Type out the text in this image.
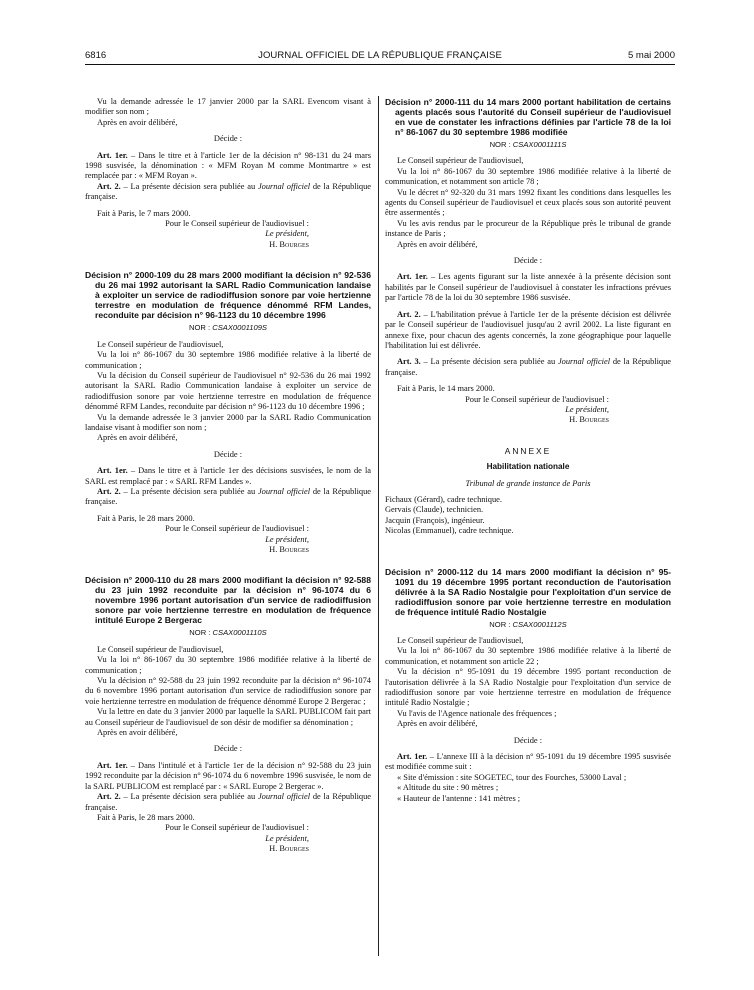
6816	JOURNAL OFFICIEL DE LA RÉPUBLIQUE FRANÇAISE	5 mai 2000

Vu la demande adressée le 17 janvier 2000 par la SARL Evencom visant à modifier son nom ;

Après en avoir délibéré,

Décide :

Art. 1er. – Dans le titre et à l'article 1er de la décision n° 98-131 du 24 mars 1998 susvisée, la dénomination : « MFM Royan M comme Montmartre » est remplacée par : « MFM Royan ».

Art. 2. – La présente décision sera publiée au Journal officiel de la République française.

Fait à Paris, le 7 mars 2000.

Pour le Conseil supérieur de l'audiovisuel :

Le président,

H. Bourges

Décision n° 2000-109 du 28 mars 2000 modifiant la décision n° 92-536 du 26 mai 1992 autorisant la SARL Radio Communication landaise à exploiter un service de radiodiffusion sonore par voie hertzienne terrestre en modulation de fréquence dénommé RFM Landes, reconduite par décision n° 96-1123 du 10 décembre 1996

NOR : CSAX0001109S

Le Conseil supérieur de l'audiovisuel,

Vu la loi n° 86-1067 du 30 septembre 1986 modifiée relative à la liberté de communication ;

Vu la décision du Conseil supérieur de l'audiovisuel n° 92-536 du 26 mai 1992 autorisant la SARL Radio Communication landaise à exploiter un service de radiodiffusion sonore par voie hertzienne terrestre en modulation de fréquence dénommé RFM Landes, reconduite par décision n° 96-1123 du 10 décembre 1996 ;

Vu la demande adressée le 3 janvier 2000 par la SARL Radio Communication landaise visant à modifier son nom ;

Après en avoir délibéré,

Décide :

Art. 1er. – Dans le titre et à l'article 1er des décisions susvisées, le nom de la SARL est remplacé par : « SARL RFM Landes ».

Art. 2. – La présente décision sera publiée au Journal officiel de la République française.

Fait à Paris, le 28 mars 2000.

Pour le Conseil supérieur de l'audiovisuel :

Le président,

H. Bourges

Décision n° 2000-110 du 28 mars 2000 modifiant la décision n° 92-588 du 23 juin 1992 reconduite par la décision n° 96-1074 du 6 novembre 1996 portant autorisation d'un service de radiodiffusion sonore par voie hertzienne terrestre en modulation de fréquence intitulé Europe 2 Bergerac

NOR : CSAX0001110S

Le Conseil supérieur de l'audiovisuel,

Vu la loi n° 86-1067 du 30 septembre 1986 modifiée relative à la liberté de communication ;

Vu la décision n° 92-588 du 23 juin 1992 reconduite par la décision n° 96-1074 du 6 novembre 1996 portant autorisation d'un service de radiodiffusion sonore par voie hertzienne terrestre en modulation de fréquence dénommé Europe 2 Bergerac ;

Vu la lettre en date du 3 janvier 2000 par laquelle la SARL PUBLICOM fait part au Conseil supérieur de l'audiovisuel de son désir de modifier sa dénomination ;

Après en avoir délibéré,

Décide :

Art. 1er. – Dans l'intitulé et à l'article 1er de la décision n° 92-588 du 23 juin 1992 reconduite par la décision n° 96-1074 du 6 novembre 1996 susvisée, le nom de la SARL PUBLICOM est remplacé par : « SARL Europe 2 Bergerac ».

Art. 2. – La présente décision sera publiée au Journal officiel de la République française.

Fait à Paris, le 28 mars 2000.

Pour le Conseil supérieur de l'audiovisuel :

Le président,

H. Bourges

Décision n° 2000-111 du 14 mars 2000 portant habilitation de certains agents placés sous l'autorité du Conseil supérieur de l'audiovisuel en vue de constater les infractions définies par l'article 78 de la loi n° 86-1067 du 30 septembre 1986 modifiée

NOR : CSAX0001111S

Le Conseil supérieur de l'audiovisuel,

Vu la loi n° 86-1067 du 30 septembre 1986 modifiée relative à la liberté de communication, et notamment son article 78 ;

Vu le décret n° 92-320 du 31 mars 1992 fixant les conditions dans lesquelles les agents du Conseil supérieur de l'audiovisuel et ceux placés sous son autorité peuvent être assermentés ;

Vu les avis rendus par le procureur de la République près le tribunal de grande instance de Paris ;

Après en avoir délibéré,

Décide :

Art. 1er. – Les agents figurant sur la liste annexée à la présente décision sont habilités par le Conseil supérieur de l'audiovisuel à constater les infractions prévues par l'article 78 de la loi du 30 septembre 1986 susvisée.

Art. 2. – L'habilitation prévue à l'article 1er de la présente décision est délivrée par le Conseil supérieur de l'audiovisuel jusqu'au 2 avril 2002. La liste figurant en annexe fixe, pour chacun des agents concernés, la zone géographique pour laquelle l'habilitation lui est délivrée.

Art. 3. – La présente décision sera publiée au Journal officiel de la République française.

Fait à Paris, le 14 mars 2000.

Pour le Conseil supérieur de l'audiovisuel :

Le président,

H. Bourges

ANNEXE

Habilitation nationale

Tribunal de grande instance de Paris

Fichaux (Gérard), cadre technique.

Gervais (Claude), technicien.

Jacquin (François), ingénieur.

Nicolas (Emmanuel), cadre technique.

Décision n° 2000-112 du 14 mars 2000 modifiant la décision n° 95-1091 du 19 décembre 1995 portant reconduction de l'autorisation délivrée à la SA Radio Nostalgie pour l'exploitation d'un service de radiodiffusion sonore par voie hertzienne terrestre en modulation de fréquence intitulé Radio Nostalgie

NOR : CSAX0001112S

Le Conseil supérieur de l'audiovisuel,

Vu la loi n° 86-1067 du 30 septembre 1986 modifiée relative à la liberté de communication, et notamment son article 22 ;

Vu la décision n° 95-1091 du 19 décembre 1995 portant reconduction de l'autorisation délivrée à la SA Radio Nostalgie pour l'exploitation d'un service de radiodiffusion sonore par voie hertzienne terrestre en modulation de fréquence intitulé Radio Nostalgie ;

Vu l'avis de l'Agence nationale des fréquences ;

Après en avoir délibéré,

Décide :

Art. 1er. – L'annexe III à la décision n° 95-1091 du 19 décembre 1995 susvisée est modifiée comme suit :

« Site d'émission : site SOGETEC, tour des Fourches, 53000 Laval ;

« Altitude du site : 90 mètres ;

« Hauteur de l'antenne : 141 mètres ;
